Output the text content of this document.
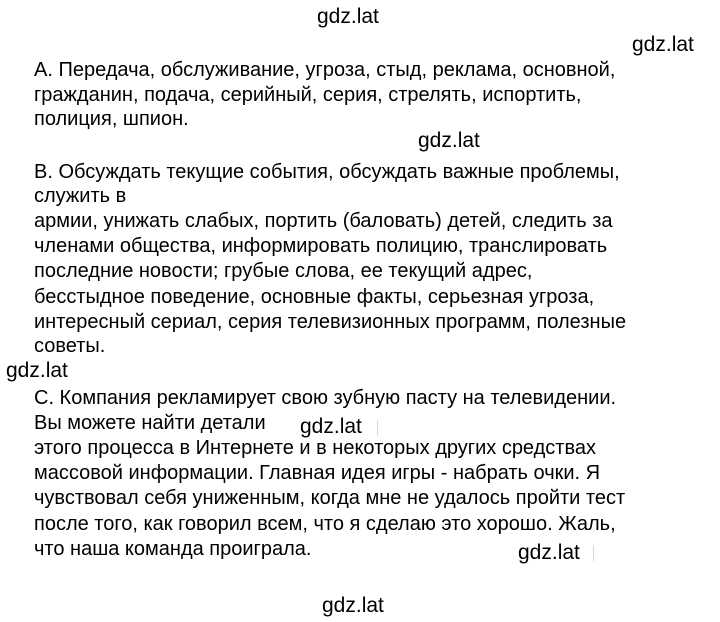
gdz.lat
gdz.lat
gdz.lat
gdz.lat
gdz.lat
gdz.lat
gdz.lat
А. Передача, обслуживание, угроза, стыд, реклама, основной,
гражданин, подача, серийный, серия, стрелять, испортить,
полиция, шпион.
В. Обсуждать текущие события, обсуждать важные проблемы,
служить в
армии, унижать слабых, портить (баловать) детей, следить за
членами общества, информировать полицию, транслировать
последние новости; грубые слова, ее текущий адрес,
бесстыдное поведение, основные факты, серьезная угроза,
интересный сериал, серия телевизионных программ, полезные
советы.
С. Компания рекламирует свою зубную пасту на телевидении.
Вы можете найти детали
этого процесса в Интернете и в некоторых других средствах
массовой информации. Главная идея игры - набрать очки. Я
чувствовал себя униженным, когда мне не удалось пройти тест
после того, как говорил всем, что я сделаю это хорошо. Жаль,
что наша команда проиграла.
